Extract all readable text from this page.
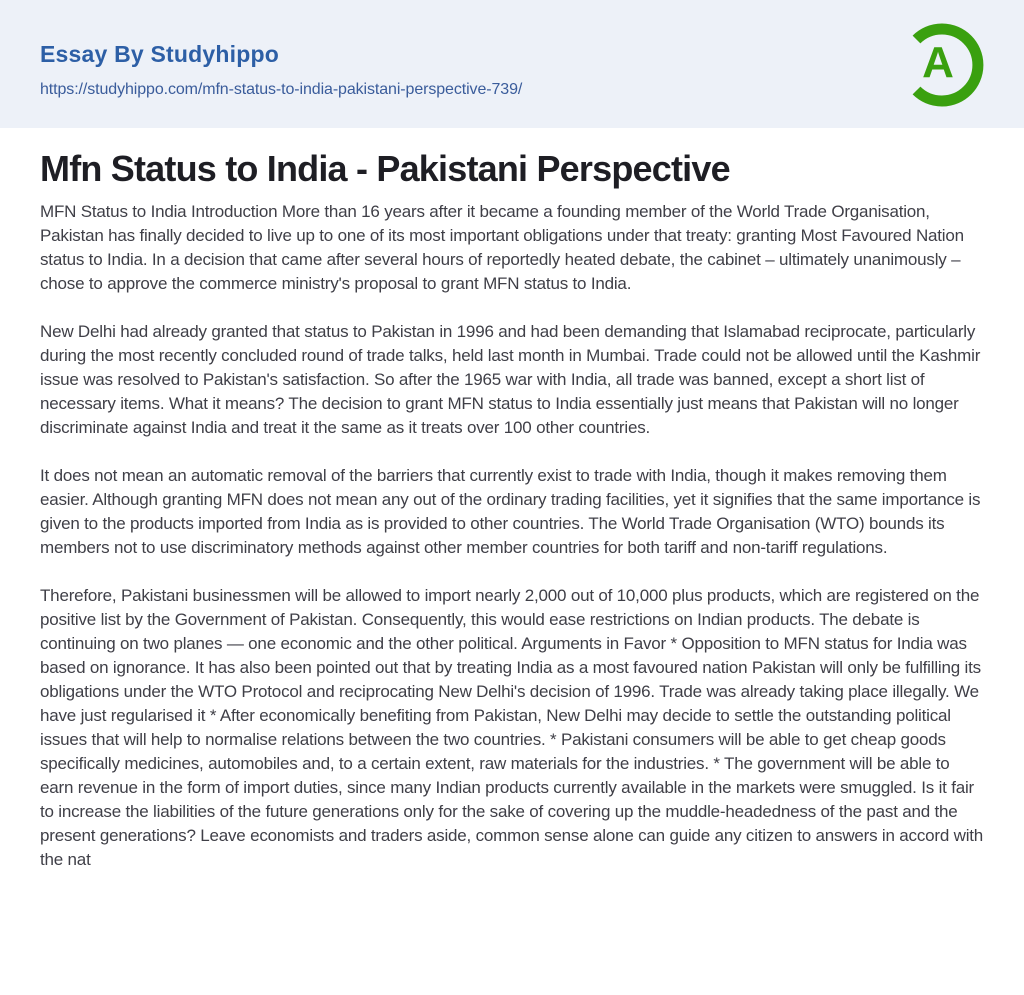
Essay By Studyhippo
https://studyhippo.com/mfn-status-to-india-pakistani-perspective-739/
A
Mfn Status to India - Pakistani Perspective

MFN Status to India Introduction More than 16 years after it became a founding member of the World Trade Organisation, Pakistan has finally decided to live up to one of its most important obligations under that treaty: granting Most Favoured Nation status to India. In a decision that came after several hours of reportedly heated debate, the cabinet – ultimately unanimously – chose to approve the commerce ministry's proposal to grant MFN status to India.

New Delhi had already granted that status to Pakistan in 1996 and had been demanding that Islamabad reciprocate, particularly during the most recently concluded round of trade talks, held last month in Mumbai. Trade could not be allowed until the Kashmir issue was resolved to Pakistan's satisfaction. So after the 1965 war with India, all trade was banned, except a short list of necessary items. What it means? The decision to grant MFN status to India essentially just means that Pakistan will no longer discriminate against India and treat it the same as it treats over 100 other countries.

It does not mean an automatic removal of the barriers that currently exist to trade with India, though it makes removing them easier. Although granting MFN does not mean any out of the ordinary trading facilities, yet it signifies that the same importance is given to the products imported from India as is provided to other countries. The World Trade Organisation (WTO) bounds its members not to use discriminatory methods against other member countries for both tariff and non-tariff regulations.

Therefore, Pakistani businessmen will be allowed to import nearly 2,000 out of 10,000 plus products, which are registered on the positive list by the Government of Pakistan. Consequently, this would ease restrictions on Indian products. The debate is continuing on two planes — one economic and the other political. Arguments in Favor * Opposition to MFN status for India was based on ignorance. It has also been pointed out that by treating India as a most favoured nation Pakistan will only be fulfilling its obligations under the WTO Protocol and reciprocating New Delhi's decision of 1996. Trade was already taking place illegally. We have just regularised it * After economically benefiting from Pakistan, New Delhi may decide to settle the outstanding political issues that will help to normalise relations between the two countries. * Pakistani consumers will be able to get cheap goods specifically medicines, automobiles and, to a certain extent, raw materials for the industries. * The government will be able to earn revenue in the form of import duties, since many Indian products currently available in the markets were smuggled. Is it fair to increase the liabilities of the future generations only for the sake of covering up the muddle-headedness of the past and the present generations? Leave economists and traders aside, common sense alone can guide any citizen to answers in accord with the nat
